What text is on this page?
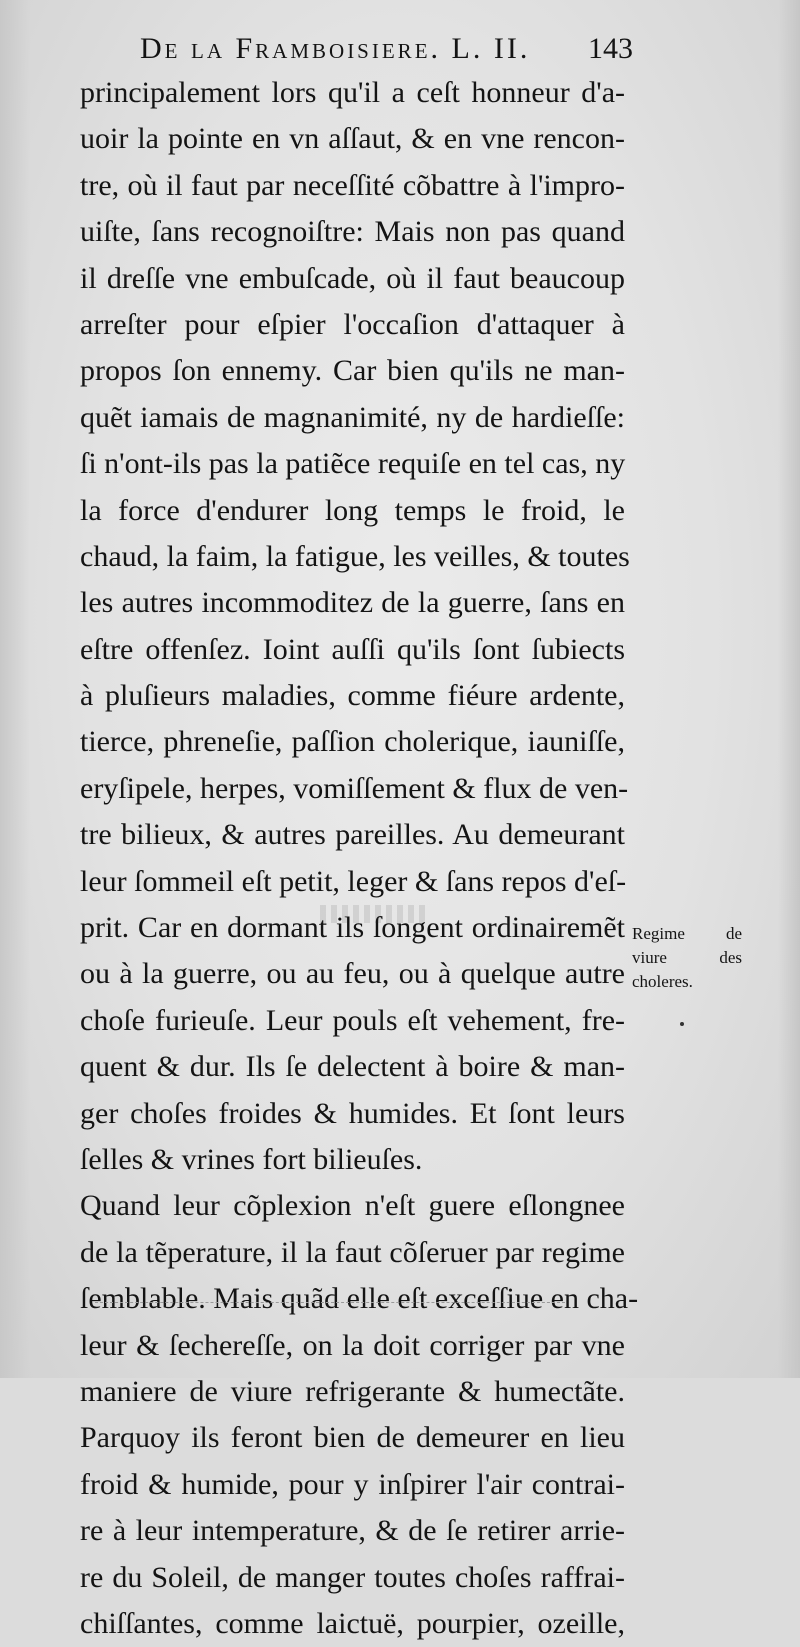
De la Framboisiere. L. II. 143
principalement lors qu'il a ceſt honneur d'a-
uoir la pointe en vn aſſaut, & en vne rencon-
tre, où il faut par neceſſité cõbattre à l'impro-
uiſte, ſans recognoiſtre: Mais non pas quand
il dreſſe vne embuſcade, où il faut beaucoup
arreſter pour eſpier l'occaſion d'attaquer à
propos ſon ennemy. Car bien qu'ils ne man-
quẽt iamais de magnanimité, ny de hardieſſe:
ſi n'ont-ils pas la patiẽce requiſe en tel cas, ny
la force d'endurer long temps le froid, le
chaud, la faim, la fatigue, les veilles, & toutes
les autres incommoditez de la guerre, ſans en
eſtre offenſez. Ioint auſſi qu'ils ſont ſubiects
à pluſieurs maladies, comme fiéure ardente,
tierce, phreneſie, paſſion cholerique, iauniſſe,
eryſipele, herpes, vomiſſement & flux de ven-
tre bilieux, & autres pareilles. Au demeurant
leur ſommeil eſt petit, leger & ſans repos d'eſ-
prit. Car en dormant ils ſongent ordinairemẽt
ou à la guerre, ou au feu, ou à quelque autre
choſe furieuſe. Leur pouls eſt vehement, fre-
quent & dur. Ils ſe delectent à boire & man-
ger choſes froides & humides. Et ſont leurs
ſelles & vrines fort bilieuſes.
Quand leur cõplexion n'eſt guere eſlongnee
de la tẽperature, il la faut cõſeruer par regime
ſemblable. Mais quãd elle eſt exceſſiue en cha-
leur & ſechereſſe, on la doit corriger par vne
maniere de viure refrigerante & humectãte.
Parquoy ils feront bien de demeurer en lieu
froid & humide, pour y inſpirer l'air contrai-
re à leur intemperature, & de ſe retirer arrie-
re du Soleil, de manger toutes choſes raffrai-
chiſſantes, comme laictuë, pourpier, ozeille,
Regime de
viure des
choleres.
